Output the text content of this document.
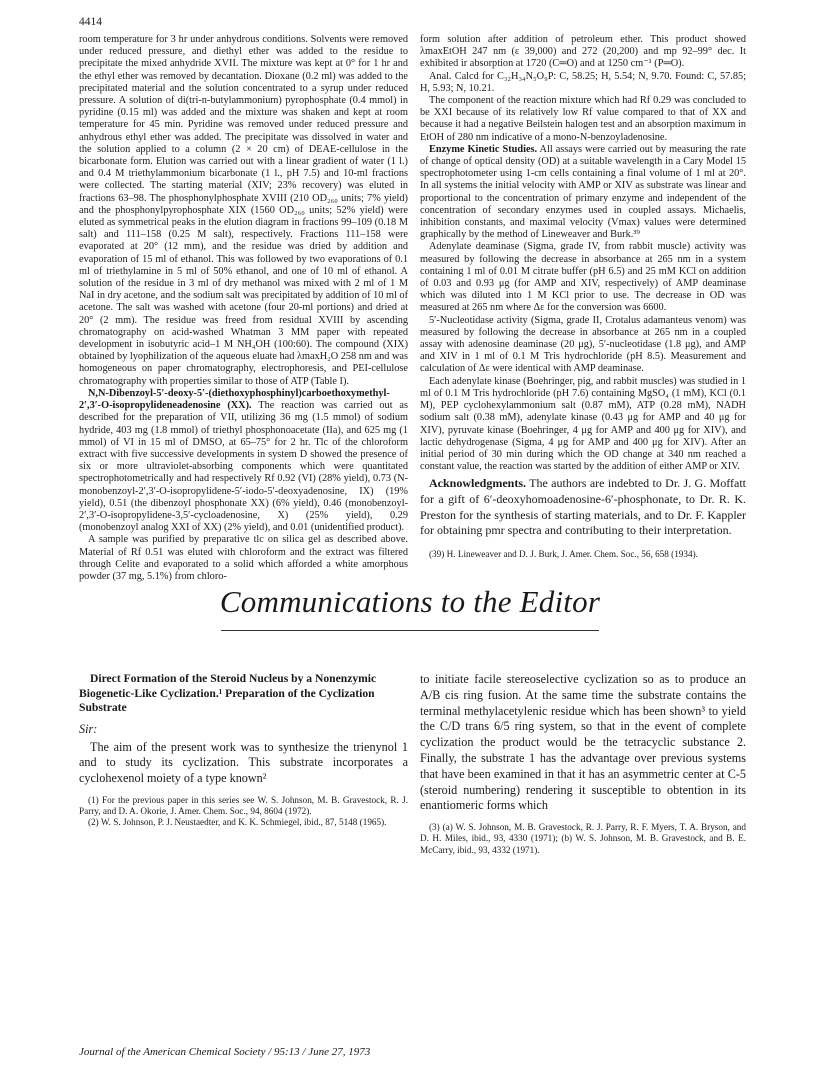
4414

room temperature for 3 hr under anhydrous conditions. Solvents were removed under reduced pressure, and diethyl ether was added to the residue to precipitate the mixed anhydride XVII. The mixture was kept at 0° for 1 hr and the ethyl ether was removed by decantation. Dioxane (0.2 ml) was added to the precipitated material and the solution concentrated to a syrup under reduced pressure. A solution of di(tri-n-butylammonium) pyrophosphate (0.4 mmol) in pyridine (0.15 ml) was added and the mixture was shaken and kept at room temperature for 45 min. Pyridine was removed under reduced pressure and anhydrous ethyl ether was added. The precipitate was dissolved in water and the solution applied to a column (2 × 20 cm) of DEAE-cellulose in the bicarbonate form. Elution was carried out with a linear gradient of water (1 l.) and 0.4 M triethylammonium bicarbonate (1 l., pH 7.5) and 10-ml fractions were collected. The starting material (XIV; 23% recovery) was eluted in fractions 63–98. The phosphonylphosphate XVIII (210 OD₂₆₀ units; 7% yield) and the phosphonylpyrophosphate XIX (1560 OD₂₆₀ units; 52% yield) were eluted as symmetrical peaks in the elution diagram in fractions 99–109 (0.18 M salt) and 111–158 (0.25 M salt), respectively. Fractions 111–158 were evaporated at 20° (12 mm), and the residue was dried by addition and evaporation of 15 ml of ethanol. This was followed by two evaporations of 0.1 ml of triethylamine in 5 ml of 50% ethanol, and one of 10 ml of ethanol. A solution of the residue in 3 ml of dry methanol was mixed with 2 ml of 1 M NaI in dry acetone, and the sodium salt was precipitated by addition of 10 ml of acetone. The salt was washed with acetone (four 20-ml portions) and dried at 20° (2 mm). The residue was freed from residual XVIII by ascending chromatography on acid-washed Whatman 3 MM paper with repeated development in isobutyric acid–1 M NH₄OH (100:60). The compound (XIX) obtained by lyophilization of the aqueous eluate had λmaxH₂O 258 nm and was homogeneous on paper chromatography, electrophoresis, and PEI-cellulose chromatography with properties similar to those of ATP (Table I).

N,N-Dibenzoyl-5′-deoxy-5′-(diethoxyphosphinyl)carboethoxymethyl-2′,3′-O-isopropylideneadenosine (XX). The reaction was carried out as described for the preparation of VII, utilizing 36 mg (1.5 mmol) of sodium hydride, 403 mg (1.8 mmol) of triethyl phosphonoacetate (IIa), and 625 mg (1 mmol) of VI in 15 ml of DMSO, at 65–75° for 2 hr. Tlc of the chloroform extract with five successive developments in system D showed the presence of six or more ultraviolet-absorbing components which were quantitated spectrophotometrically and had respectively Rf 0.92 (VI) (28% yield), 0.73 (N-monobenzoyl-2′,3′-O-isopropylidene-5′-iodo-5′-deoxyadenosine, IX) (19% yield), 0.51 (the dibenzoyl phosphonate XX) (6% yield), 0.46 (monobenzoyl-2′,3′-O-isopropylidene-3,5′-cycloadenosine, X) (25% yield), 0.29 (monobenzoyl analog XXI of XX) (2% yield), and 0.01 (unidentified product).

A sample was purified by preparative tlc on silica gel as described above. Material of Rf 0.51 was eluted with chloroform and the extract was filtered through Celite and evaporated to a solid which afforded a white amorphous powder (37 mg, 5.1%) from chloro-

form solution after addition of petroleum ether. This product showed λmaxEtOH 247 nm (ε 39,000) and 272 (20,200) and mp 92–99° dec. It exhibited ir absorption at 1720 (C═O) and at 1250 cm⁻¹ (P═O).

Anal. Calcd for C₃₂H₃₄N₅O₉P: C, 58.25; H, 5.54; N, 9.70. Found: C, 57.85; H, 5.93; N, 10.21.

The component of the reaction mixture which had Rf 0.29 was concluded to be XXI because of its relatively low Rf value compared to that of XX and because it had a negative Beilstein halogen test and an absorption maximum in EtOH of 280 nm indicative of a mono-N-benzoyladenosine.

Enzyme Kinetic Studies. All assays were carried out by measuring the rate of change of optical density (OD) at a suitable wavelength in a Cary Model 15 spectrophotometer using 1-cm cells containing a final volume of 1 ml at 20°. In all systems the initial velocity with AMP or XIV as substrate was linear and proportional to the concentration of primary enzyme and independent of the concentration of secondary enzymes used in coupled assays. Michaelis, inhibition constants, and maximal velocity (Vmax) values were determined graphically by the method of Lineweaver and Burk.³⁹

Adenylate deaminase (Sigma, grade IV, from rabbit muscle) activity was measured by following the decrease in absorbance at 265 nm in a system containing 1 ml of 0.01 M citrate buffer (pH 6.5) and 25 mM KCl on addition of 0.03 and 0.93 μg (for AMP and XIV, respectively) of AMP deaminase which was diluted into 1 M KCl prior to use. The decrease in OD was measured at 265 nm where Δε for the conversion was 6600.

5′-Nucleotidase activity (Sigma, grade II, Crotalus adamanteus venom) was measured by following the decrease in absorbance at 265 nm in a coupled assay with adenosine deaminase (20 μg), 5′-nucleotidase (1.8 μg), and AMP and XIV in 1 ml of 0.1 M Tris hydrochloride (pH 8.5). Measurement and calculation of Δε were identical with AMP deaminase.

Each adenylate kinase (Boehringer, pig, and rabbit muscles) was studied in 1 ml of 0.1 M Tris hydrochloride (pH 7.6) containing MgSO₄ (1 mM), KCl (0.1 M), PEP cyclohexylammonium salt (0.87 mM), ATP (0.28 mM), NADH sodium salt (0.38 mM), adenylate kinase (0.43 μg for AMP and 40 μg for XIV), pyruvate kinase (Boehringer, 4 μg for AMP and 400 μg for XIV), and lactic dehydrogenase (Sigma, 4 μg for AMP and 400 μg for XIV). After an initial period of 30 min during which the OD change at 340 nm reached a constant value, the reaction was started by the addition of either AMP or XIV.

Acknowledgments. The authors are indebted to Dr. J. G. Moffatt for a gift of 6′-deoxyhomoadenosine-6′-phosphonate, to Dr. R. K. Preston for the synthesis of starting materials, and to Dr. F. Kappler for obtaining pmr spectra and contributing to their interpretation.

(39) H. Lineweaver and D. J. Burk, J. Amer. Chem. Soc., 56, 658 (1934).

Communications to the Editor

Direct Formation of the Steroid Nucleus by a Nonenzymic Biogenetic-Like Cyclization.¹ Preparation of the Cyclization Substrate

Sir:

The aim of the present work was to synthesize the trienynol 1 and to study its cyclization. This substrate incorporates a cyclohexenol moiety of a type known²

(1) For the previous paper in this series see W. S. Johnson, M. B. Gravestock, R. J. Parry, and D. A. Okorie, J. Amer. Chem. Soc., 94, 8604 (1972).
(2) W. S. Johnson, P. J. Neustaedter, and K. K. Schmiegel, ibid., 87, 5148 (1965).

to initiate facile stereoselective cyclization so as to produce an A/B cis ring fusion. At the same time the substrate contains the terminal methylacetylenic residue which has been shown³ to yield the C/D trans 6/5 ring system, so that in the event of complete cyclization the product would be the tetracyclic substance 2. Finally, the substrate 1 has the advantage over previous systems that have been examined in that it has an asymmetric center at C-5 (steroid numbering) rendering it susceptible to obtention in its enantiomeric forms which

(3) (a) W. S. Johnson, M. B. Gravestock, R. J. Parry, R. F. Myers, T. A. Bryson, and D. H. Miles, ibid., 93, 4330 (1971); (b) W. S. Johnson, M. B. Gravestock, and B. E. McCarry, ibid., 93, 4332 (1971).
Journal of the American Chemical Society / 95:13 / June 27, 1973
